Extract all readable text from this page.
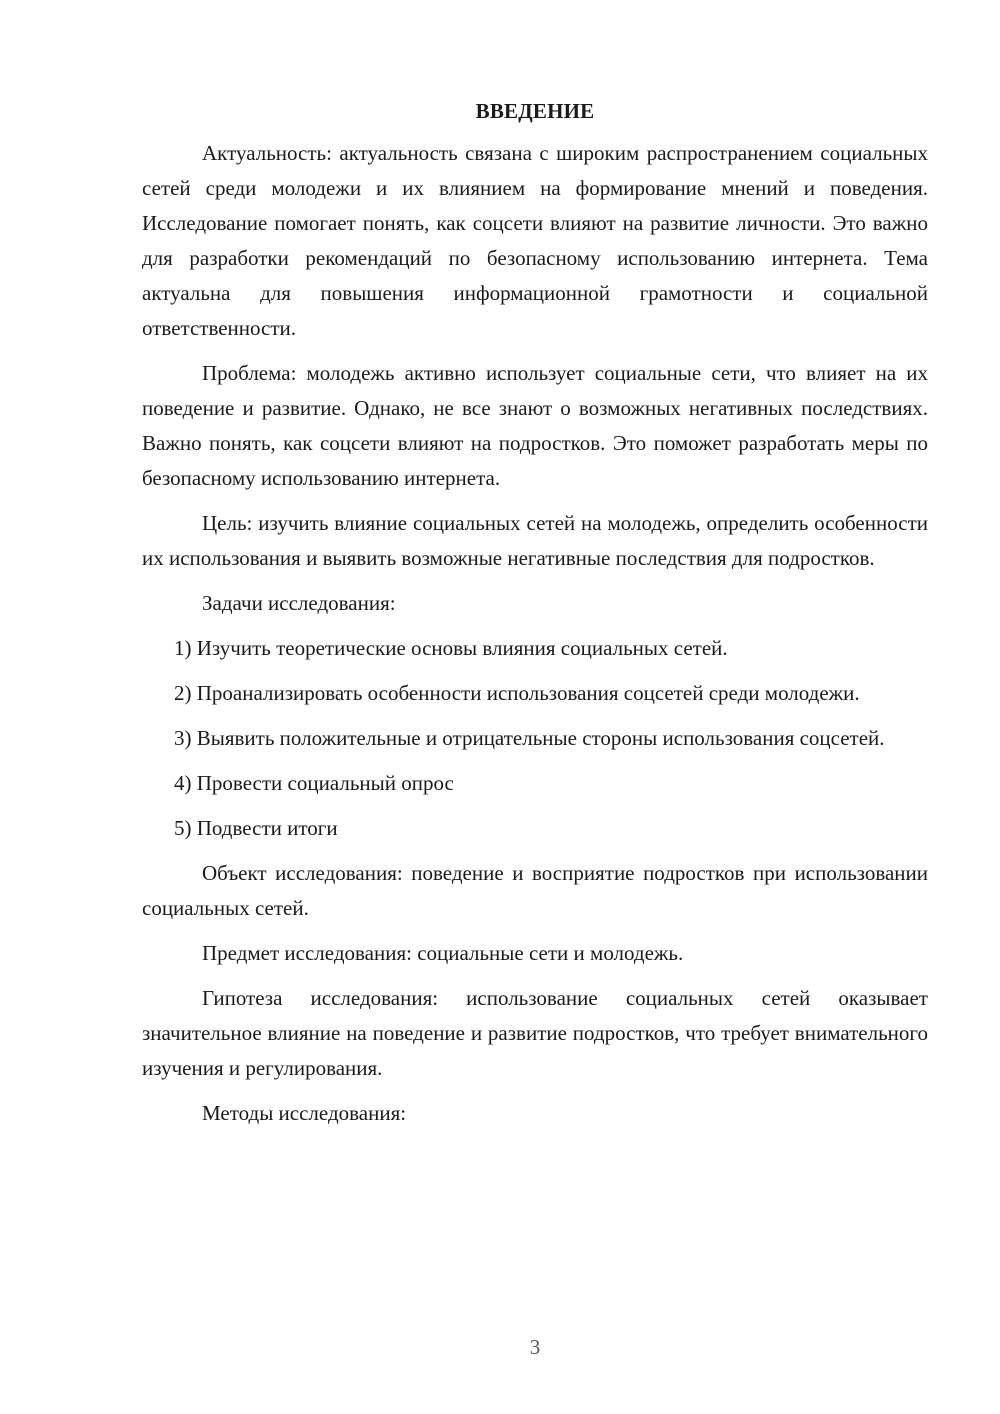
ВВЕДЕНИЕ

Актуальность: актуальность связана с широким распространением социальных сетей среди молодежи и их влиянием на формирование мнений и поведения. Исследование помогает понять, как соцсети влияют на развитие личности. Это важно для разработки рекомендаций по безопасному использованию интернета. Тема актуальна для повышения информационной грамотности и социальной ответственности.

Проблема: молодежь активно использует социальные сети, что влияет на их поведение и развитие. Однако, не все знают о возможных негативных последствиях. Важно понять, как соцсети влияют на подростков. Это поможет разработать меры по безопасному использованию интернета.

Цель: изучить влияние социальных сетей на молодежь, определить особенности их использования и выявить возможные негативные последствия для подростков.

Задачи исследования:

1) Изучить теоретические основы влияния социальных сетей.

2) Проанализировать особенности использования соцсетей среди молодежи.

3) Выявить положительные и отрицательные стороны использования соцсетей.

4) Провести социальный опрос

5) Подвести итоги

Объект исследования: поведение и восприятие подростков при использовании социальных сетей.

Предмет исследования: социальные сети и молодежь.

Гипотеза исследования: использование социальных сетей оказывает значительное влияние на поведение и развитие подростков, что требует внимательного изучения и регулирования.

Методы исследования:

3
